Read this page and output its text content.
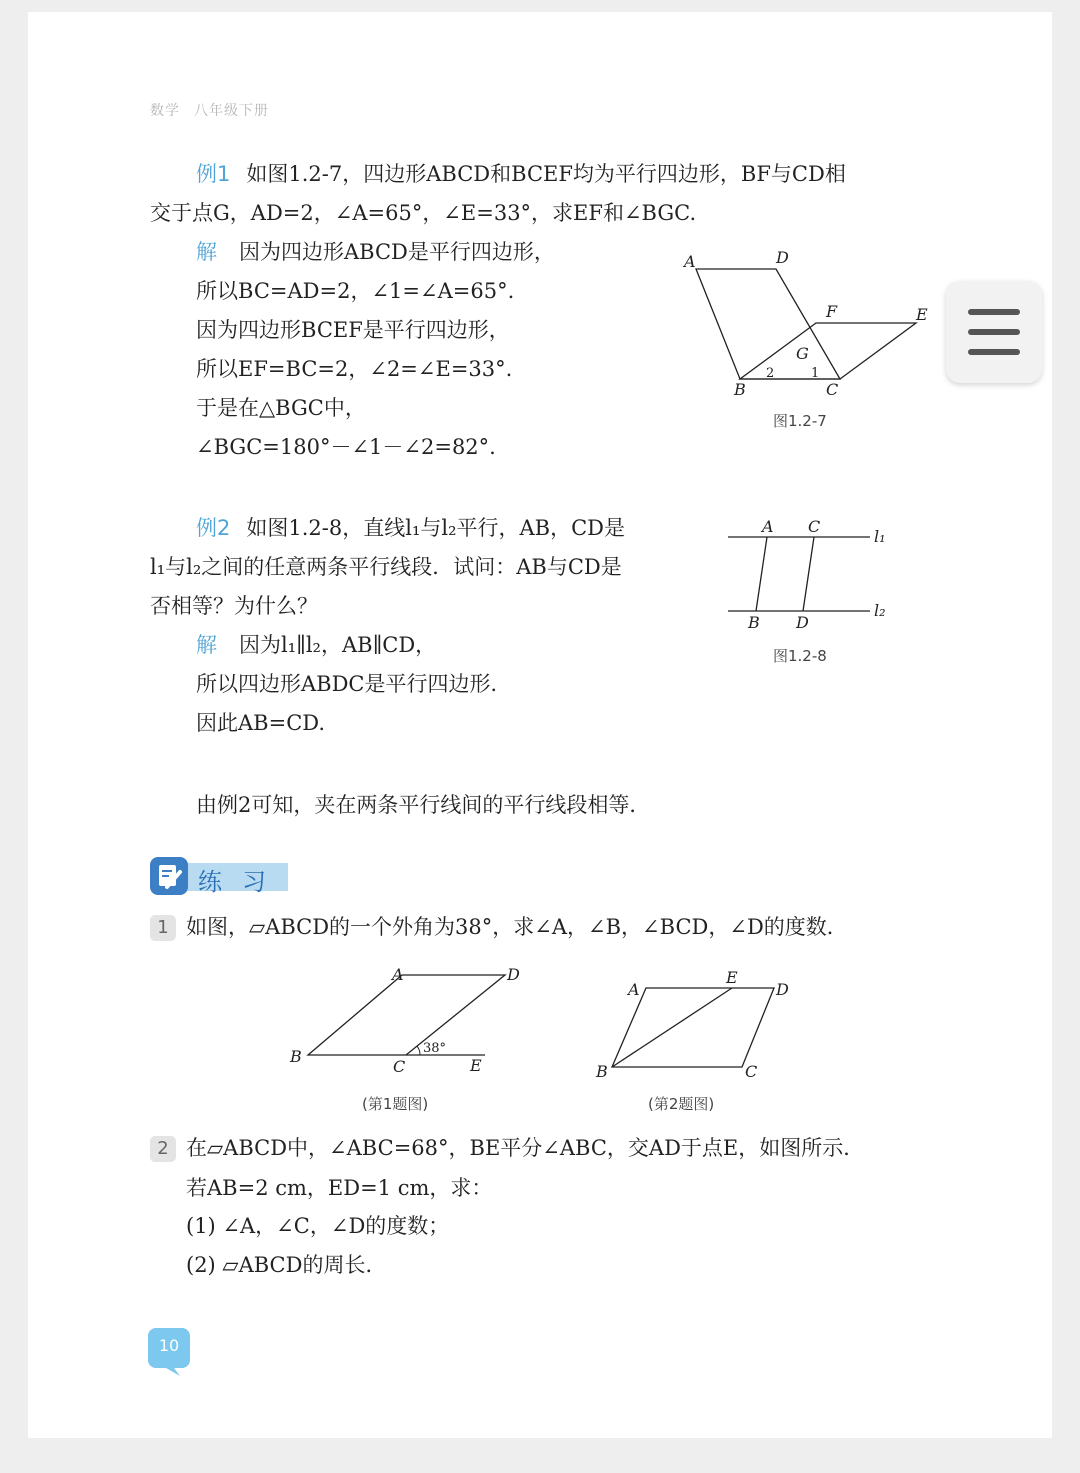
数学 八年级下册
例1 如图1.2-7，四边形ABCD和BCEF均为平行四边形，BF与CD相
交于点G，AD=2，∠A=65°，∠E=33°，求EF和∠BGC.
解 因为四边形ABCD是平行四边形，
所以BC=AD=2，∠1=∠A=65°.
因为四边形BCEF是平行四边形，
所以EF=BC=2，∠2=∠E=33°.
于是在△BGC中，
∠BGC=180°－∠1－∠2=82°.
A	D
F	E
G
B	C
1
2
图1.2-7
例2 如图1.2-8，直线l₁与l₂平行，AB，CD是
l₁与l₂之间的任意两条平行线段．试问：AB与CD是
否相等？为什么？
解 因为l₁∥l₂，AB∥CD，
所以四边形ABDC是平行四边形．
因此AB=CD.
A C
B D
l₁
l₂
图1.2-8
由例2可知，夹在两条平行线间的平行线段相等．
练习
1 如图，▱ABCD的一个外角为38°，求∠A，∠B，∠BCD，∠D的度数．
A	D
B
C	E
38°
(第1题图)
A
E
D
B	C
(第2题图)
2 在▱ABCD中，∠ABC=68°，BE平分∠ABC，交AD于点E，如图所示．
若AB=2 cm，ED=1 cm，求：
(1) ∠A，∠C，∠D的度数；
(2) ▱ABCD的周长．
10
